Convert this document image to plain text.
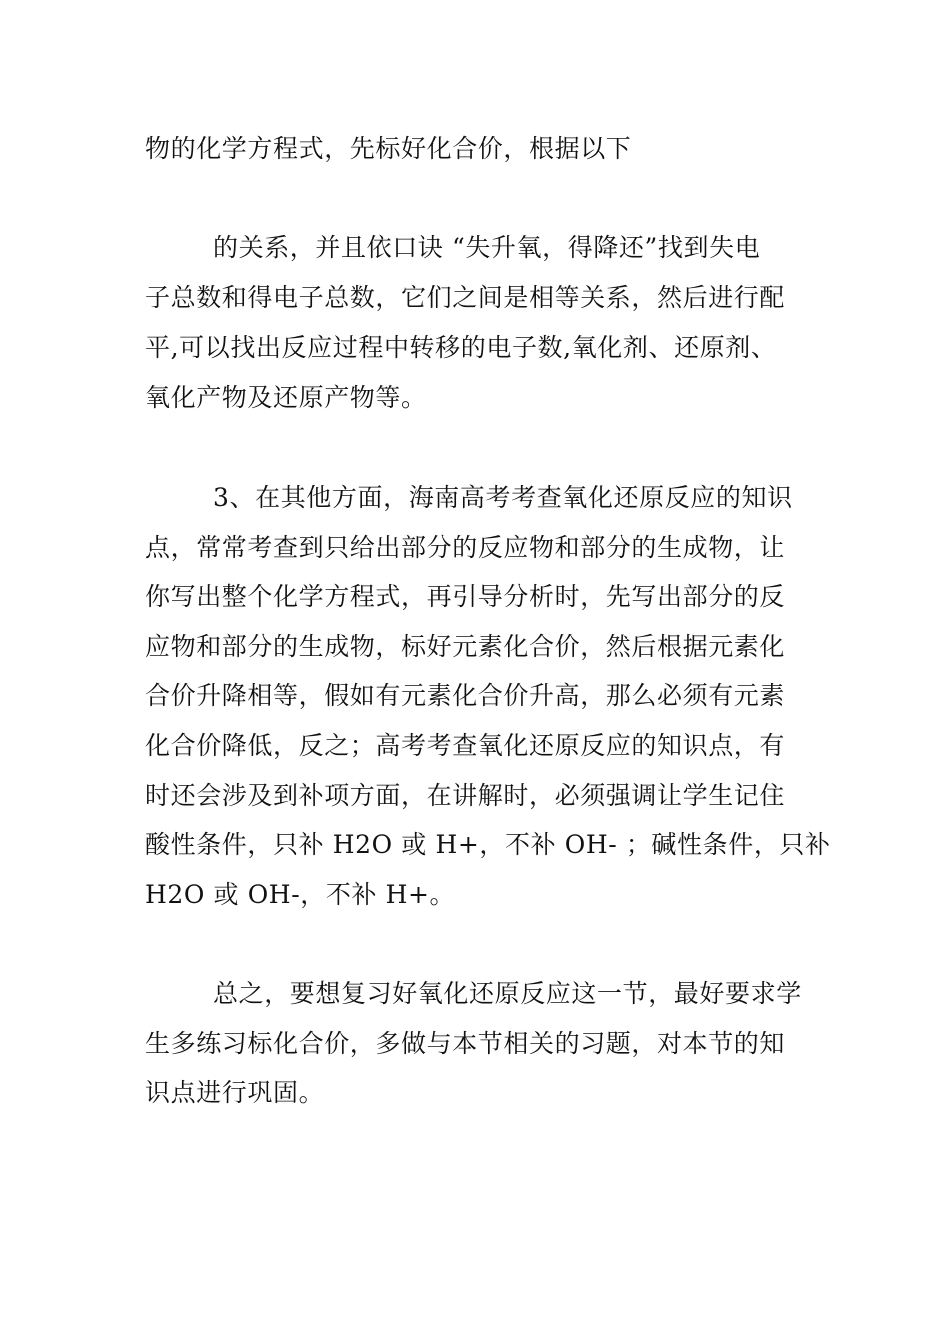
物的化学方程式，先标好化合价，根据以下
的关系，并且依口诀 “失升氧，得降还”找到失电
子总数和得电子总数，它们之间是相等关系，然后进行配
平,可以找出反应过程中转移的电子数,氧化剂、还原剂、
氧化产物及还原产物等。
3、在其他方面，海南高考考查氧化还原反应的知识
点，常常考查到只给出部分的反应物和部分的生成物，让
你写出整个化学方程式，再引导分析时，先写出部分的反
应物和部分的生成物，标好元素化合价，然后根据元素化
合价升降相等，假如有元素化合价升高，那么必须有元素
化合价降低，反之；高考考查氧化还原反应的知识点，有
时还会涉及到补项方面，在讲解时，必须强调让学生记住
酸性条件，只补 H2O 或 H+，不补 OH- ；碱性条件，只补
H2O 或 OH-，不补 H+。
总之，要想复习好氧化还原反应这一节，最好要求学
生多练习标化合价，多做与本节相关的习题，对本节的知
识点进行巩固。
